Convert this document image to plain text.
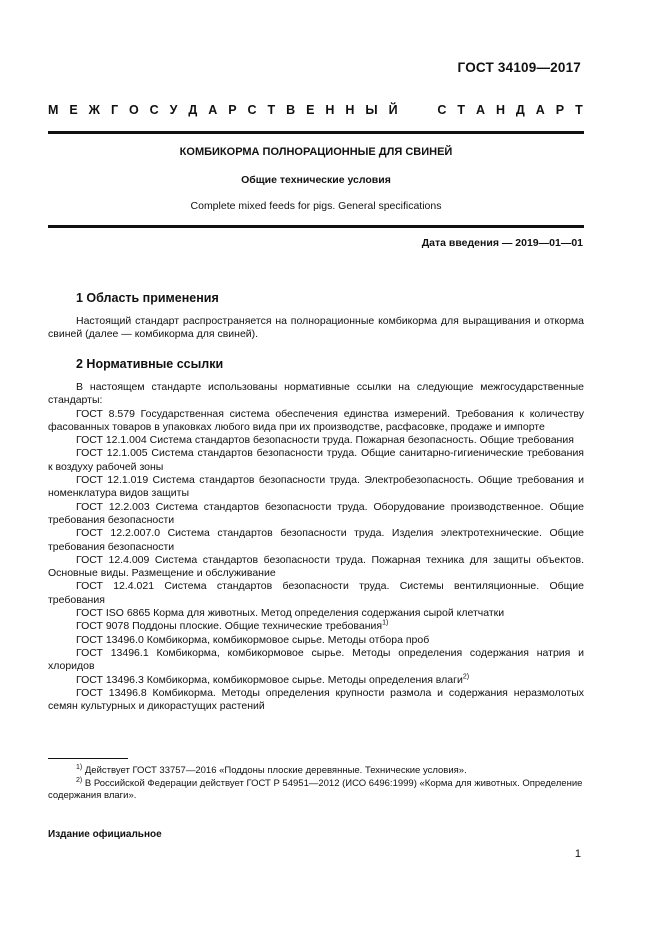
ГОСТ 34109—2017
М Е Ж Г О С У Д А Р С Т В Е Н Н Ы Й

	С Т А Н Д А Р Т
КОМБИКОРМА ПОЛНОРАЦИОННЫЕ ДЛЯ СВИНЕЙ
Общие технические условия
Complete mixed feeds for pigs. General specifications
Дата введения — 2019—01—01
1 Область применения

Настоящий стандарт распространяется на полнорационные комбикорма для выращивания и откорма свиней (далее — комбикорма для свиней).

2 Нормативные ссылки

В настоящем стандарте использованы нормативные ссылки на следующие межгосударственные стандарты:

ГОСТ 8.579 Государственная система обеспечения единства измерений. Требования к количеству фасованных товаров в упаковках любого вида при их производстве, расфасовке, продаже и импорте

ГОСТ 12.1.004 Система стандартов безопасности труда. Пожарная безопасность. Общие требования

ГОСТ 12.1.005 Система стандартов безопасности труда. Общие санитарно-гигиенические требования к воздуху рабочей зоны

ГОСТ 12.1.019 Система стандартов безопасности труда. Электробезопасность. Общие требования и номенклатура видов защиты

ГОСТ 12.2.003 Система стандартов безопасности труда. Оборудование производственное. Общие требования безопасности

ГОСТ 12.2.007.0 Система стандартов безопасности труда. Изделия электротехнические. Общие требования безопасности

ГОСТ 12.4.009 Система стандартов безопасности труда. Пожарная техника для защиты объектов. Основные виды. Размещение и обслуживание

ГОСТ 12.4.021 Система стандартов безопасности труда. Системы вентиляционные. Общие требования

ГОСТ ISO 6865 Корма для животных. Метод определения содержания сырой клетчатки

ГОСТ 9078 Поддоны плоские. Общие технические требования$^{1)}$

ГОСТ 13496.0 Комбикорма, комбикормовое сырье. Методы отбора проб

ГОСТ 13496.1 Комбикорма, комбикормовое сырье. Методы определения содержания натрия и хлоридов

ГОСТ 13496.3 Комбикорма, комбикормовое сырье. Методы определения влаги$^{2)}$

ГОСТ 13496.8 Комбикорма. Методы определения крупности размола и содержания неразмолотых семян культурных и дикорастущих растений

$^{1)}$ Действует ГОСТ 33757—2016 «Поддоны плоские деревянные. Технические условия».

$^{2)}$ В Российской Федерации действует ГОСТ Р 54951—2012 (ИСО 6496:1999) «Корма для животных. Определение содержания влаги».

Издание официальное
1
